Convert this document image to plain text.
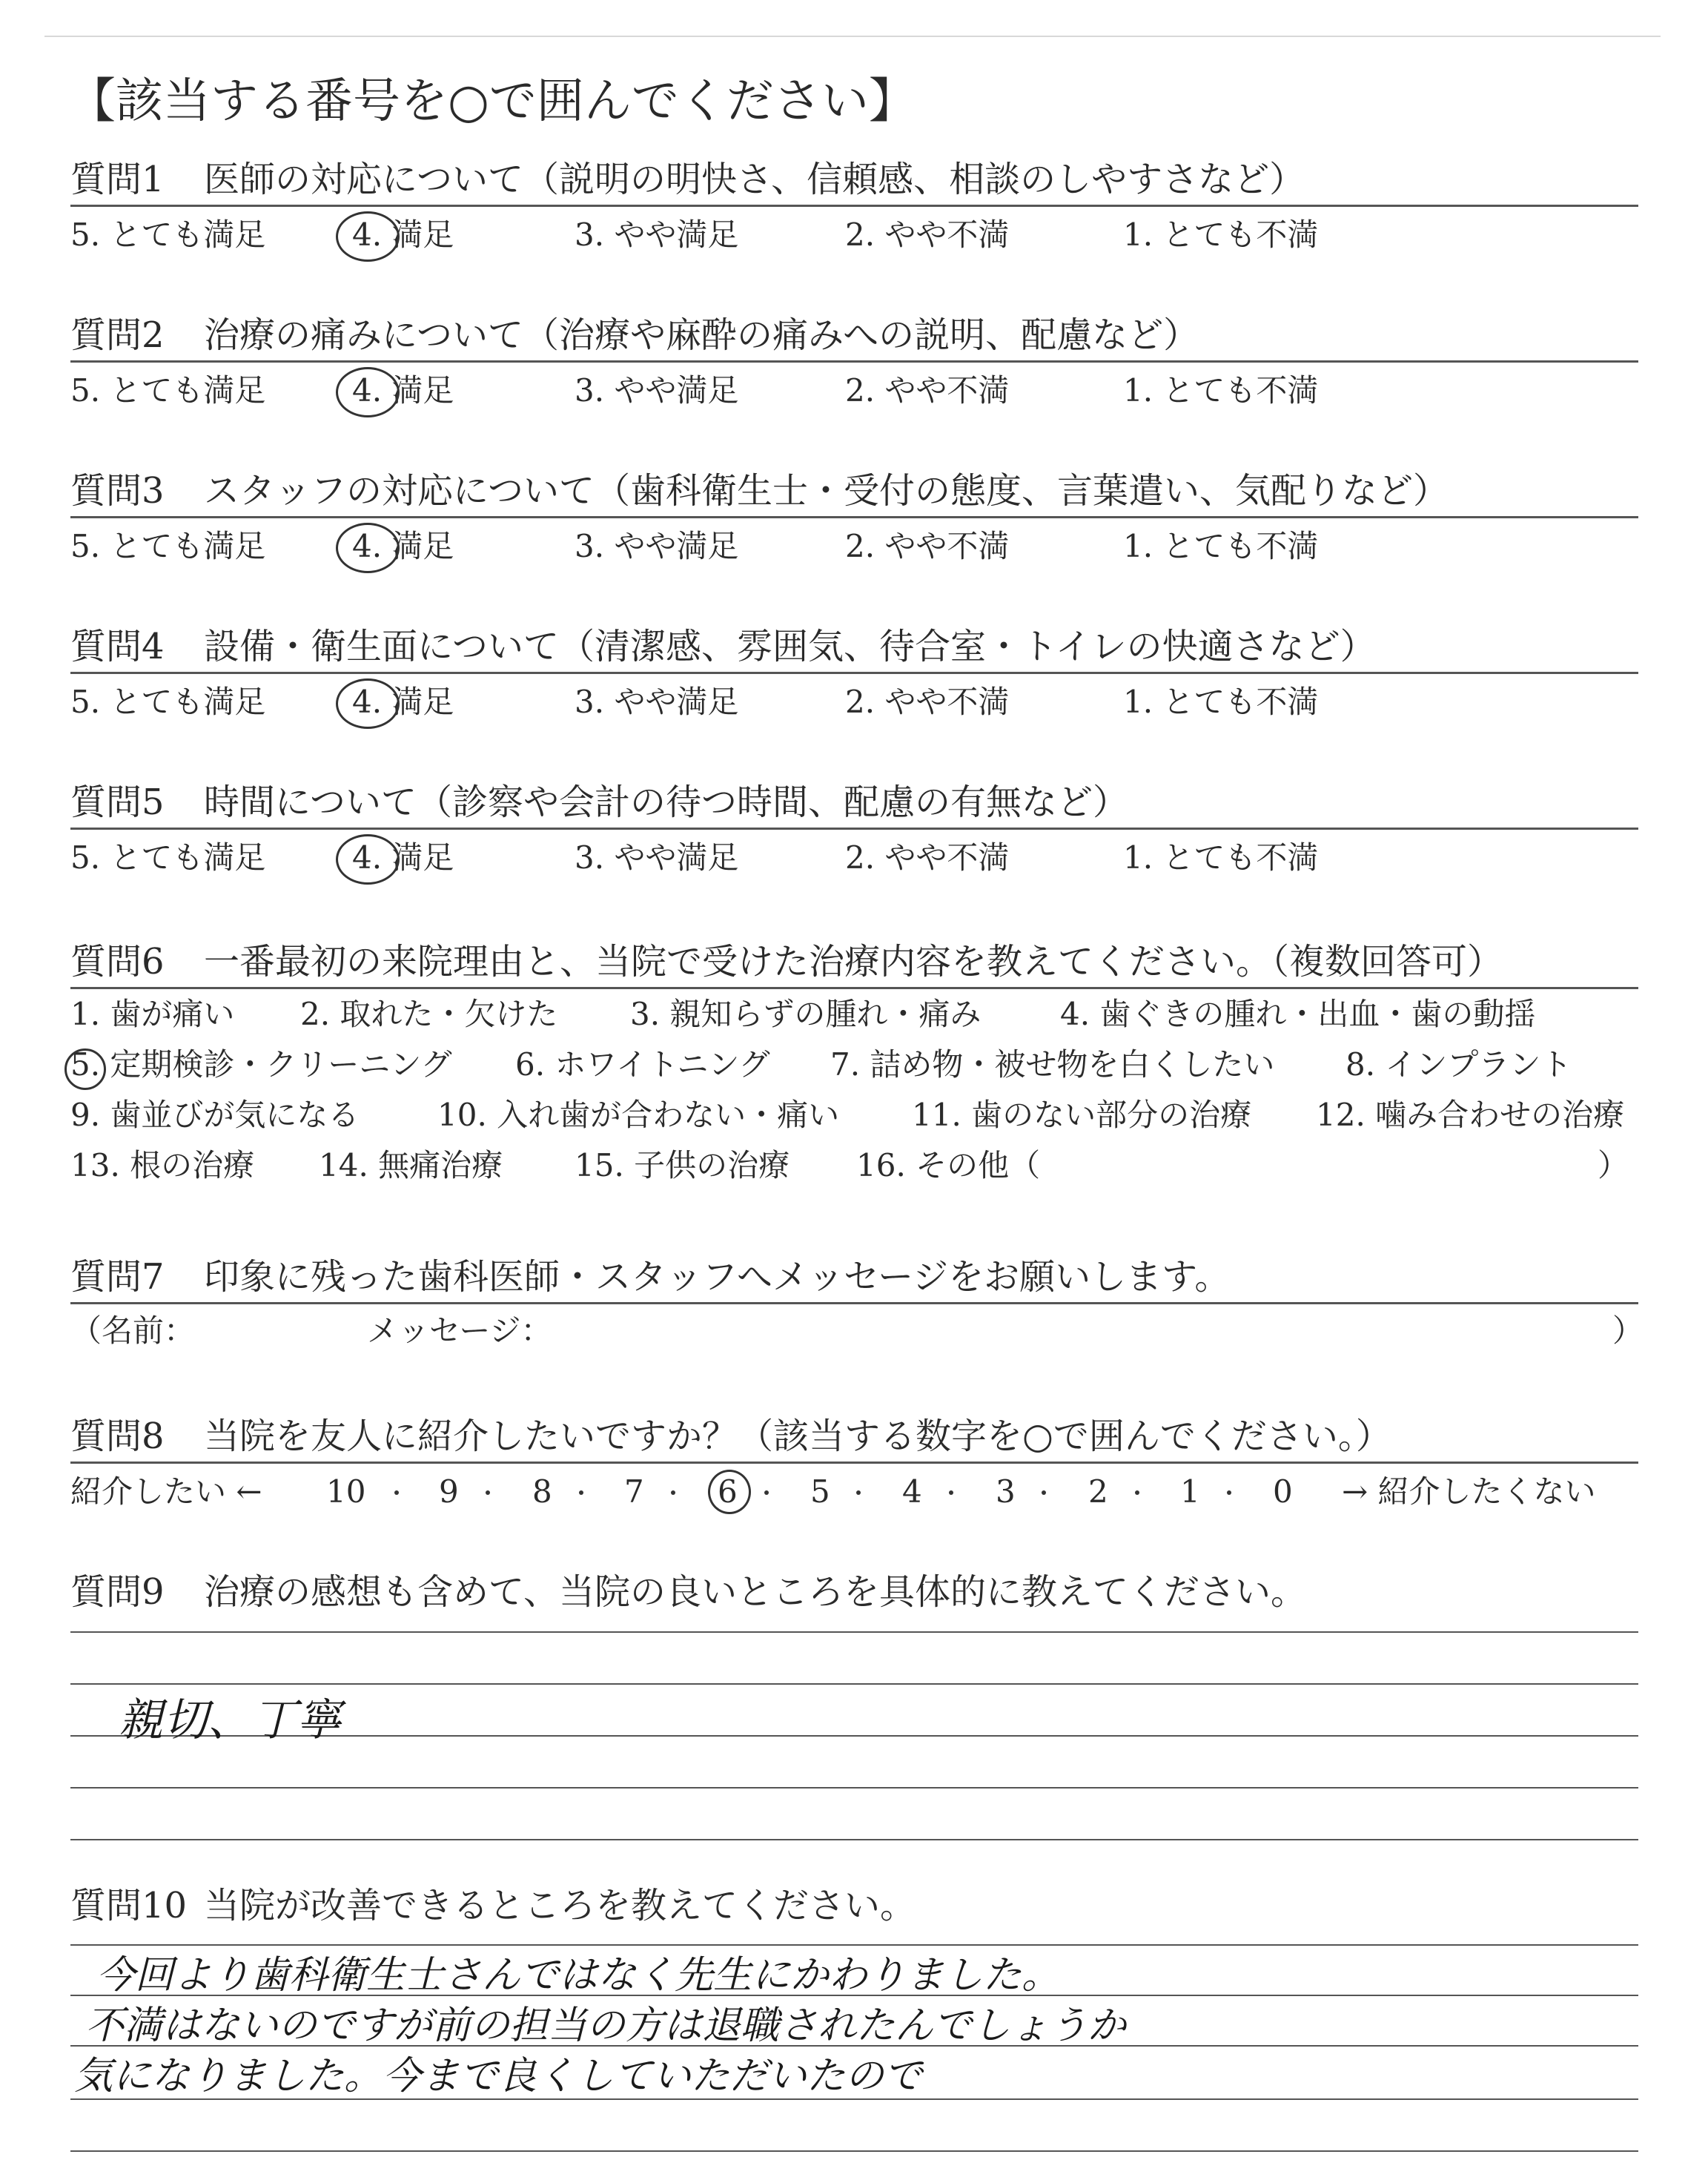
【該当する番号を○で囲んでください】
質問1 医師の対応について（説明の明快さ、信頼感、相談のしやすさなど）
5. とても満足	4. 満足	3. やや満足	2. やや不満	1. とても不満
質問2 治療の痛みについて（治療や麻酔の痛みへの説明、配慮など）
5. とても満足	4. 満足	3. やや満足	2. やや不満	1. とても不満
質問3 スタッフの対応について（歯科衛生士・受付の態度、言葉遣い、気配りなど）
5. とても満足	4. 満足	3. やや満足	2. やや不満	1. とても不満
質問4 設備・衛生面について（清潔感、雰囲気、待合室・トイレの快適さなど）
5. とても満足	4. 満足	3. やや満足	2. やや不満	1. とても不満
質問5 時間について（診察や会計の待つ時間、配慮の有無など）
5. とても満足	4. 満足	3. やや満足	2. やや不満	1. とても不満
質問6 一番最初の来院理由と、当院で受けた治療内容を教えてください。（複数回答可）
1. 歯が痛い 2. 取れた・欠けた 3. 親知らずの腫れ・痛み	4. 歯ぐきの腫れ・出血・歯の動揺
5. 定期検診・クリーニング 6. ホワイトニング 7. 詰め物・被せ物を白くしたい 8. インプラント
9. 歯並びが気になる	10. 入れ歯が合わない・痛い 11. 歯のない部分の治療 12. 噛み合わせの治療
13. 根の治療 14. 無痛治療 15. 子供の治療 16. その他（	）
質問7 印象に残った歯科医師・スタッフへメッセージをお願いします。
（名前：	メッセージ：	）
質問8 当院を友人に紹介したいですか？（該当する数字を○で囲んでください。）
紹介したい ← 10 9 8 7 6 5 4 3 2 1 0 → 紹介したくない
質問9 治療の感想も含めて、当院の良いところを具体的に教えてください。
親切、丁寧
質問10 当院が改善できるところを教えてください。
今回より歯科衛生士さんではなく先生にかわりました。
不満はないのですが前の担当の方は退職されたんでしょうか
気になりました。今まで良くしていただいたので
